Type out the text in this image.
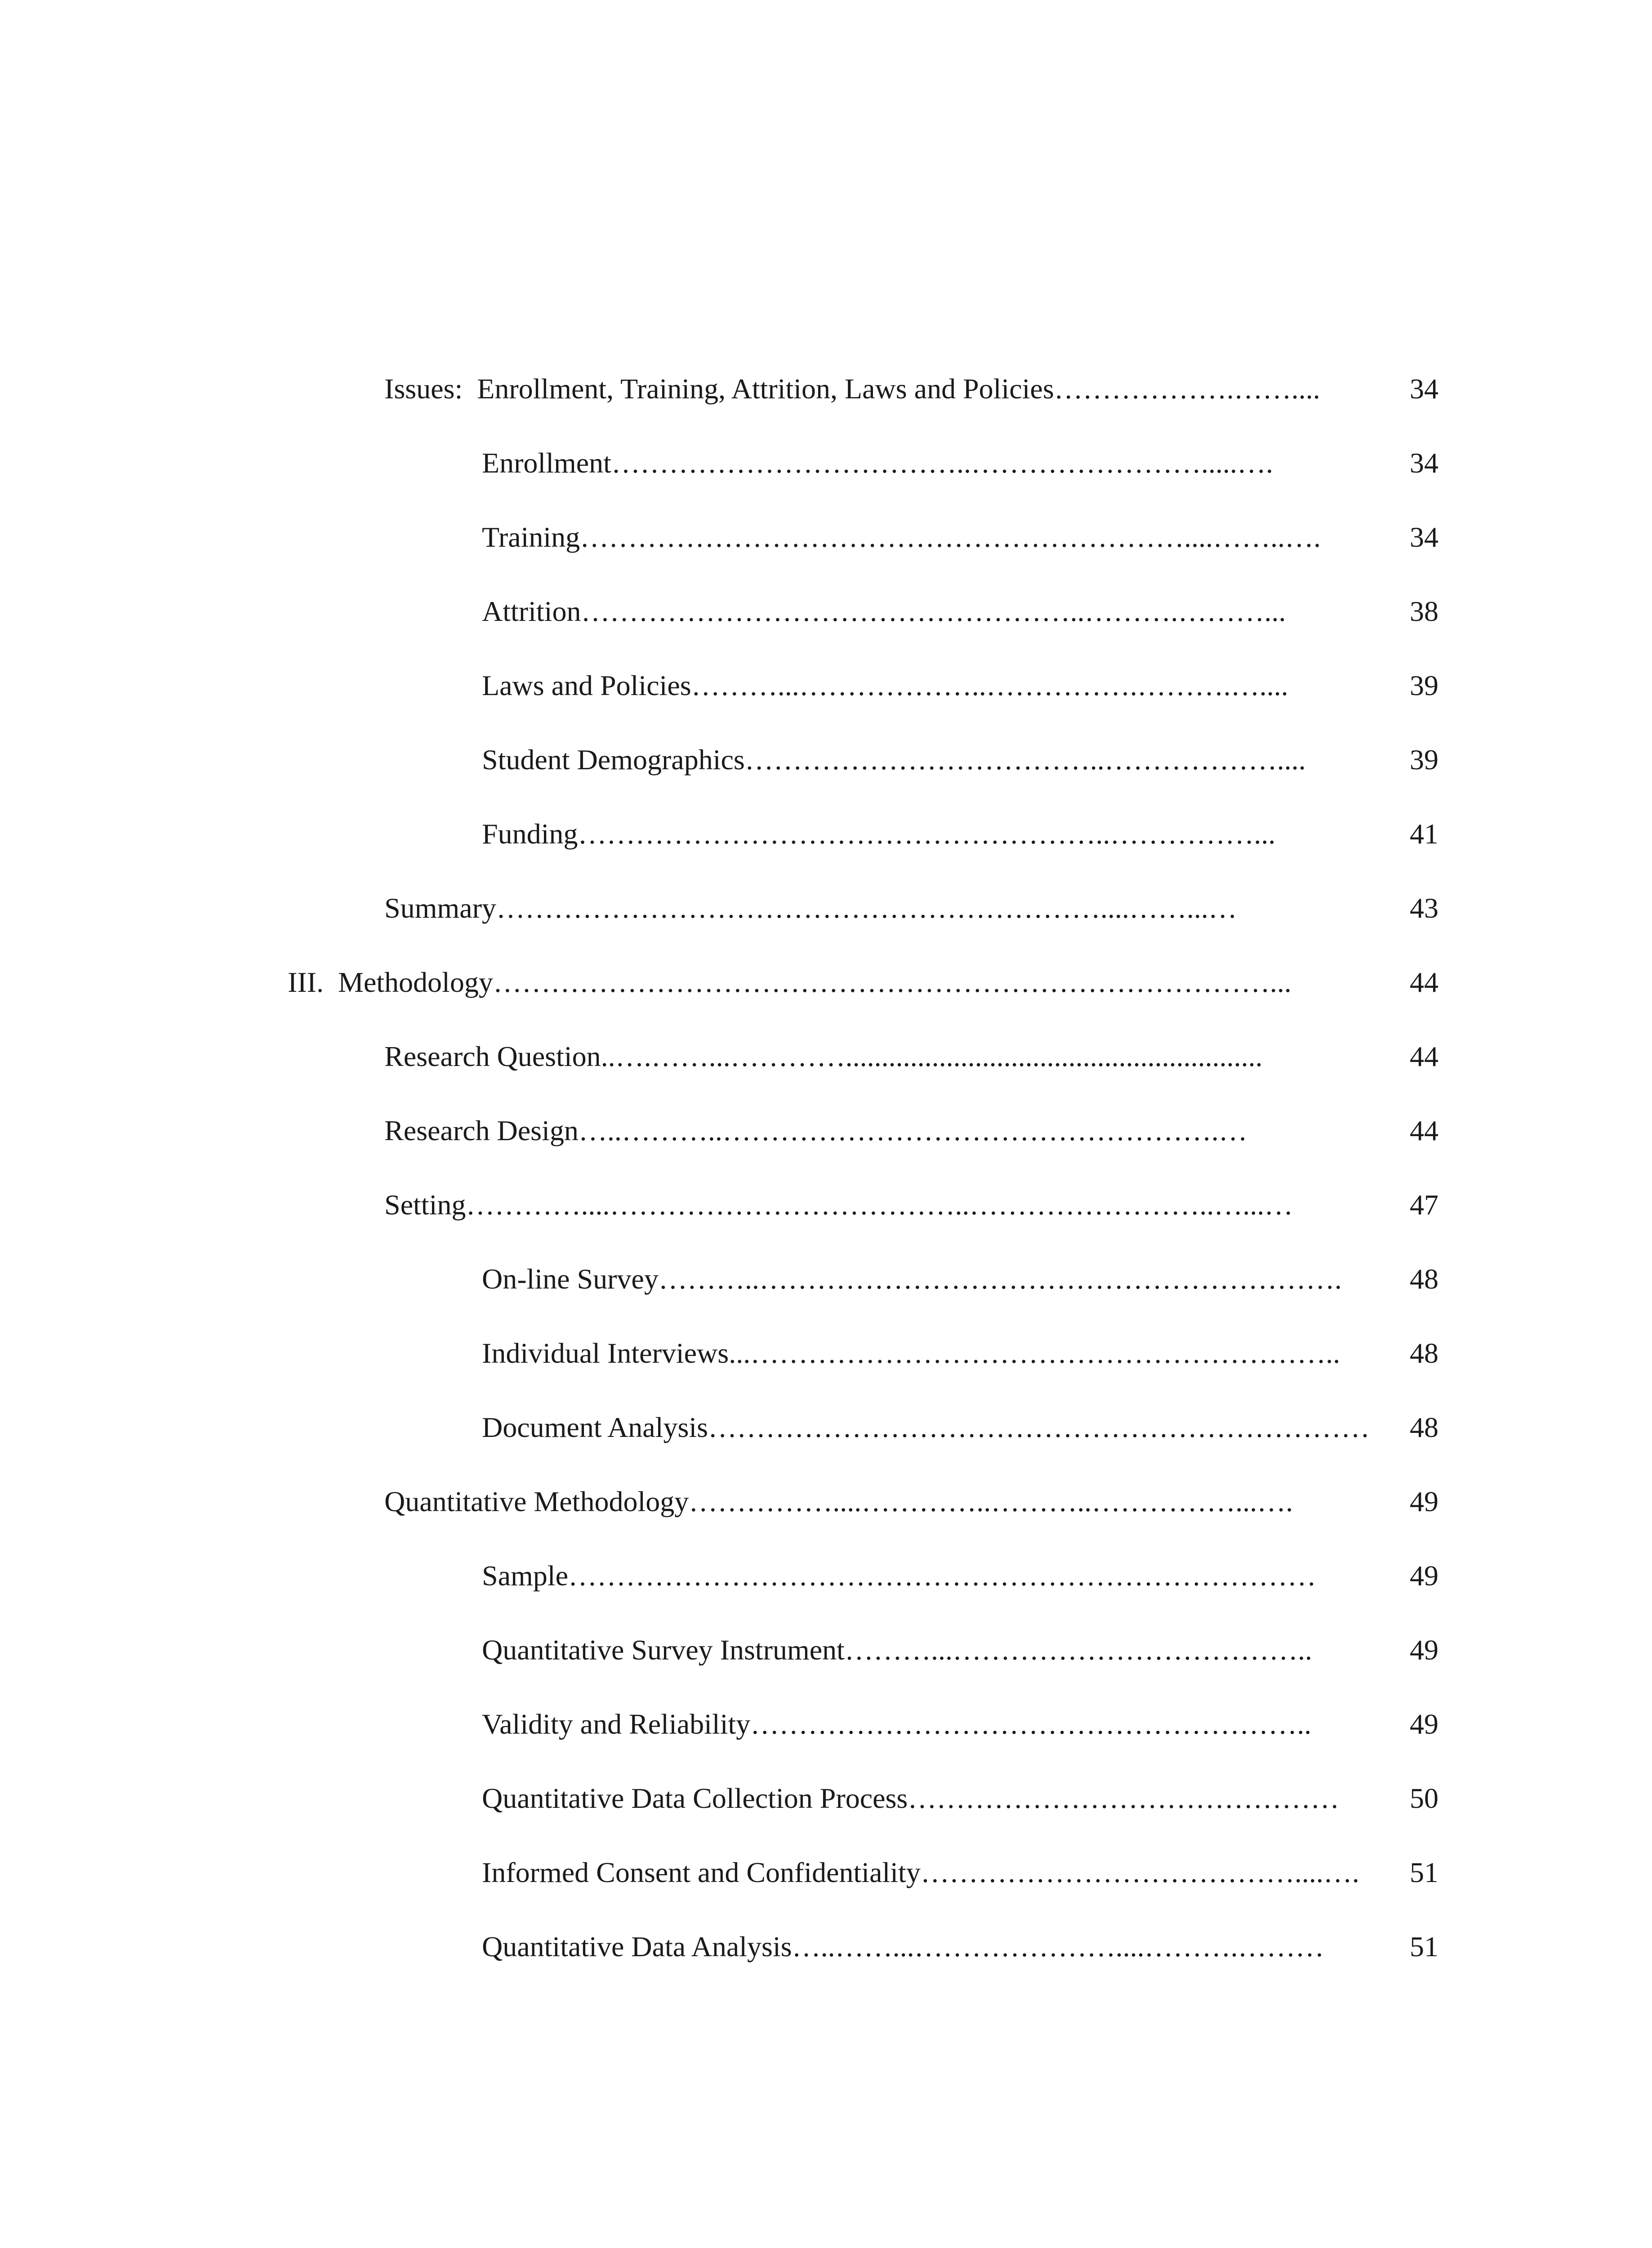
Issues:  Enrollment, Training, Attrition, Laws and Policies ……………….……....	34
Enrollment ………………………………..…………………….....….	34
Training ………………………………………………………....……..….	34
Attrition ……………………………………………..……….………...	38
Laws and Policies ………...………………..…………….……….…....	39
Student Demographics ………………………………..………………....	39
Funding ………………………………………………..……………...	41
Summary ………………………………………………………....……...…	43
III.  Methodology ………………………………………………………………………...	44
Research Question ..….……...…………..........................................................	44
Research Design …..………..…………………………………………….…	44
Setting …………....………………………………..……………………..…...…	47
On-line Survey ………..…………………………………………………….	48
Individual Interviews ...……………………………………………………..	48
Document Analysis ……………………………………………………………	48
Quantitative Methodology ……………....…………..………..……………...….	49
Sample ……………………………………………………………………	49
Quantitative Survey Instrument ………...………………………………..	49
Validity and Reliability …………………………………………………..	49
Quantitative Data Collection Process ………………………………………	50
Informed Consent and Confidentiality …………………………………....….	51
Quantitative Data Analysis …..……...…………………....……….………	51
